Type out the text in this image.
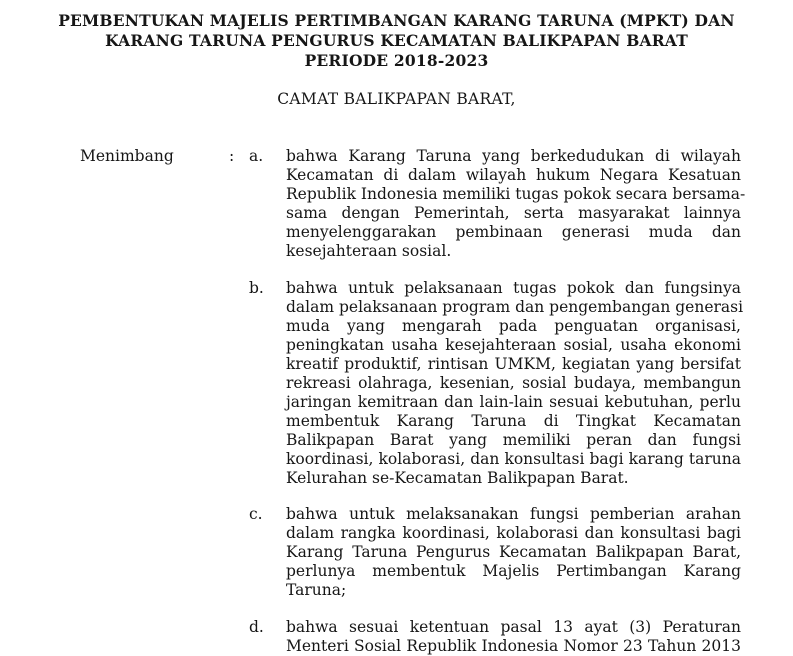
PEMBENTUKAN MAJELIS PERTIMBANGAN KARANG TARUNA (MPKT) DAN
KARANG TARUNA PENGURUS KECAMATAN BALIKPAPAN BARAT
PERIODE 2018-2023
CAMAT BALIKPAPAN BARAT,
Menimbang	: a. bahwa Karang Taruna yang berkedudukan di wilayah
Kecamatan di dalam wilayah hukum Negara Kesatuan
Republik Indonesia memiliki tugas pokok secara bersama-
sama dengan Pemerintah, serta masyarakat lainnya
menyelenggarakan pembinaan generasi muda dan
kesejahteraan sosial.
b. bahwa untuk pelaksanaan tugas pokok dan fungsinya
dalam pelaksanaan program dan pengembangan generasi
muda yang mengarah pada penguatan organisasi,
peningkatan usaha kesejahteraan sosial, usaha ekonomi
kreatif produktif, rintisan UMKM, kegiatan yang bersifat
rekreasi olahraga, kesenian, sosial budaya, membangun
jaringan kemitraan dan lain-lain sesuai kebutuhan, perlu
membentuk Karang Taruna di Tingkat Kecamatan
Balikpapan Barat yang memiliki peran dan fungsi
koordinasi, kolaborasi, dan konsultasi bagi karang taruna
Kelurahan se-Kecamatan Balikpapan Barat.
c. bahwa untuk melaksanakan fungsi pemberian arahan
dalam rangka koordinasi, kolaborasi dan konsultasi bagi
Karang Taruna Pengurus Kecamatan Balikpapan Barat,
perlunya membentuk Majelis Pertimbangan Karang
Taruna;
d. bahwa sesuai ketentuan pasal 13 ayat (3) Peraturan
Menteri Sosial Republik Indonesia Nomor 23 Tahun 2013
